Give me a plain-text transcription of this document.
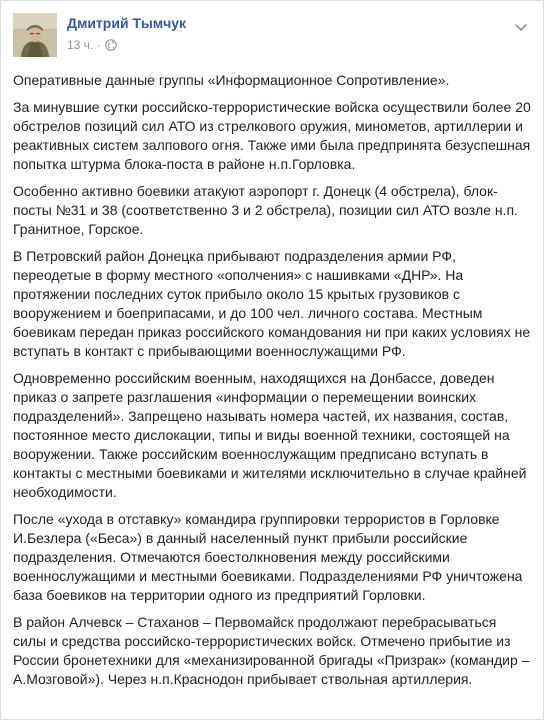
Дмитрий Тымчук
13 ч. ·

Оперативные данные группы «Информационное Сопротивление».

За минувшие сутки российско-террористические войска осуществили более 20 обстрелов позиций сил АТО из стрелкового оружия, минометов, артиллерии и реактивных систем залпового огня. Также ими была предпринята безуспешная попытка штурма блока-поста в районе н.п.Горловка.

Особенно активно боевики атакуют аэропорт г. Донецк (4 обстрела), блок-посты №31 и 38 (соответственно 3 и 2 обстрела), позиции сил АТО возле н.п. Гранитное, Горское.

В Петровский район Донецка прибывают подразделения армии РФ, переодетые в форму местного «ополчения» с нашивками «ДНР». На протяжении последних суток прибыло около 15 крытых грузовиков с вооружением и боеприпасами, и до 100 чел. личного состава. Местным боевикам передан приказ российского командования ни при каких условиях не вступать в контакт с прибывающими военнослужащими РФ.

Одновременно российским военным, находящихся на Донбассе, доведен приказ о запрете разглашения «информации о перемещении воинских подразделений». Запрещено называть номера частей, их названия, состав, постоянное место дислокации, типы и виды военной техники, состоящей на вооружении. Также российским военнослужащим предписано вступать в контакты с местными боевиками и жителями исключительно в случае крайней необходимости.

После «ухода в отставку» командира группировки террористов в Горловке И.Безлера («Беса») в данный населенный пункт прибыли российские подразделения. Отмечаются боестолкновения между российскими военнослужащими и местными боевиками. Подразделениями РФ уничтожена база боевиков на территории одного из предприятий Горловки.

В район Алчевск – Стаханов – Первомайск продолжают перебрасываться силы и средства российско-террористических войск. Отмечено прибытие из России бронетехники для «механизированной бригады «Призрак» (командир – А.Мозговой»). Через н.п.Краснодон прибывает ствольная артиллерия.
